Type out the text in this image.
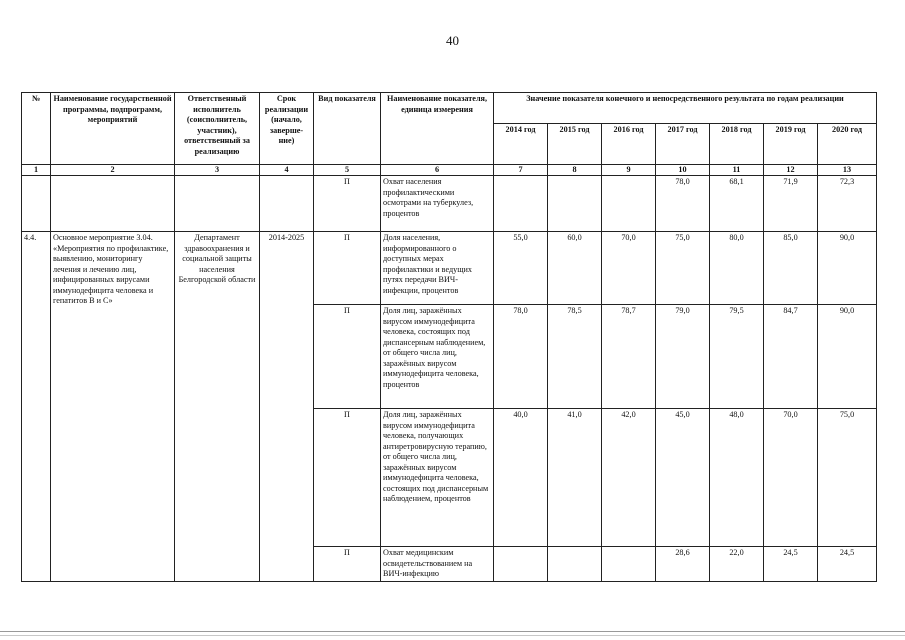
40
№	Наименование государственной программы, подпрограмм, мероприятий	Ответственный исполнитель (соисполнитель, участник), ответственный за реализацию	Срок реализации (начало, заверше-ние)	Вид показателя	Наименование показателя, единица измерения	Значение показателя конечного и непосредственного результата по годам реализации						
						2014 год	2015 год	2016 год	2017 год	2018 год	2019 год	2020 год
1	2	3	4	5	6	7	8	9	10	11	12	13
				П	Охват населения профилактическими осмотрами на туберкулез, процентов				78,0	68,1	71,9	72,3
4.4.	Основное мероприятие 3.04. «Мероприятия по профилактике, выявлению, мониторингу лечения и лечению лиц, инфицированных вирусами иммунодефицита человека и гепатитов В и С»	Департамент здравоохранения и социальной защиты населения Белгородской области	2014-2025	П	Доля населения, информированного о доступных мерах профилактики и ведущих путях передачи ВИЧ-инфекции, процентов	55,0	60,0	70,0	75,0	80,0	85,0	90,0
				П	Доля лиц, заражённых вирусом иммунодефицита человека, состоящих под диспансерным наблюдением, от общего числа лиц, заражённых вирусом иммунодефицита человека, процентов	78,0	78,5	78,7	79,0	79,5	84,7	90,0
				П	Доля лиц, заражённых вирусом иммунодефицита человека, получающих антиретровирусную терапию, от общего числа лиц, заражённых вирусом иммунодефицита человека, состоящих под диспансерным наблюдением, процентов	40,0	41,0	42,0	45,0	48,0	70,0	75,0
				П	Охват медицинским освидетельствованием на ВИЧ-инфекцию				28,6	22,0	24,5	24,5
